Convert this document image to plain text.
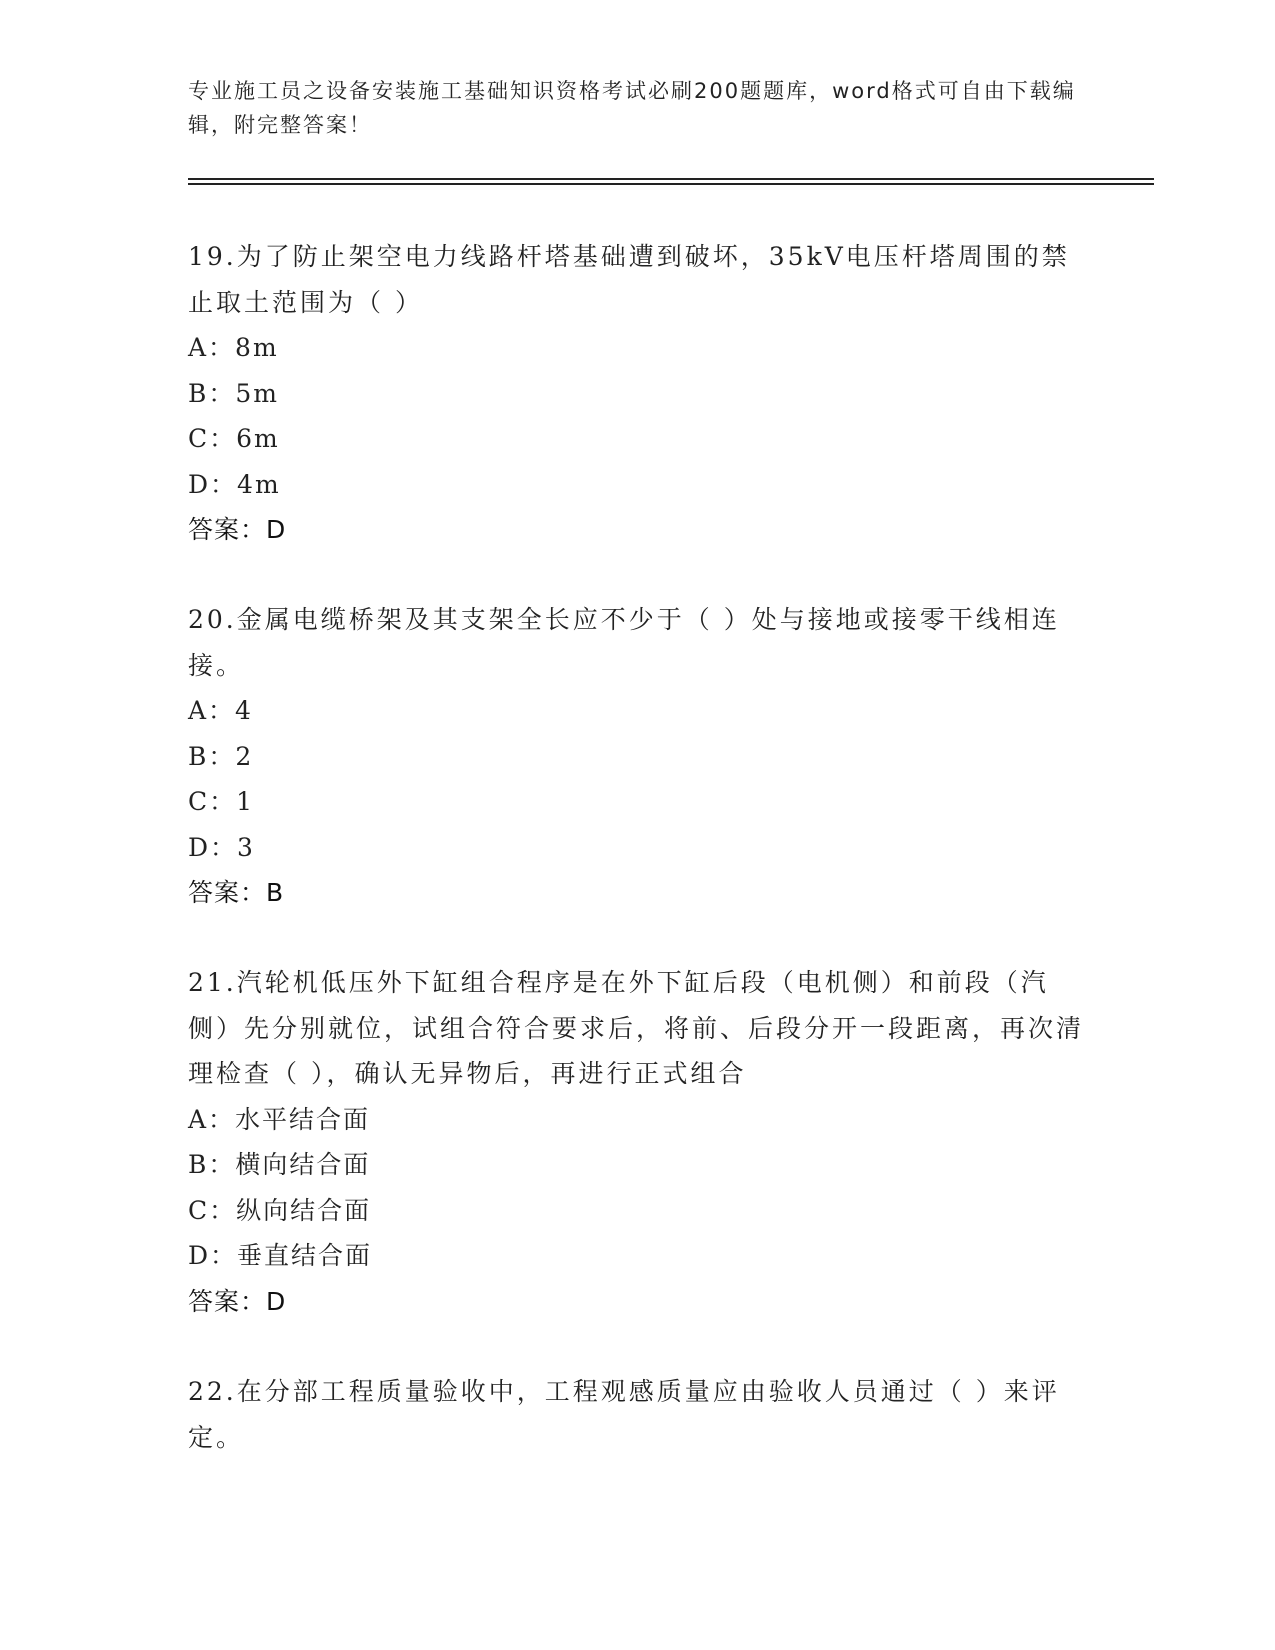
专业施工员之设备安装施工基础知识资格考试必刷200题题库，word格式可自由下载编辑，附完整答案！
19.为了防止架空电力线路杆塔基础遭到破坏，35kV电压杆塔周围的禁止取土范围为（ ）
A：8m
B：5m
C：6m
D：4m
答案：D
20.金属电缆桥架及其支架全长应不少于（ ）处与接地或接零干线相连接。
A：4
B：2
C：1
D：3
答案：B
21.汽轮机低压外下缸组合程序是在外下缸后段（电机侧）和前段（汽侧）先分别就位，试组合符合要求后，将前、后段分开一段距离，再次清理检查（ ），确认无异物后，再进行正式组合
A：水平结合面
B：横向结合面
C：纵向结合面
D：垂直结合面
答案：D
22.在分部工程质量验收中，工程观感质量应由验收人员通过（ ）来评定。
